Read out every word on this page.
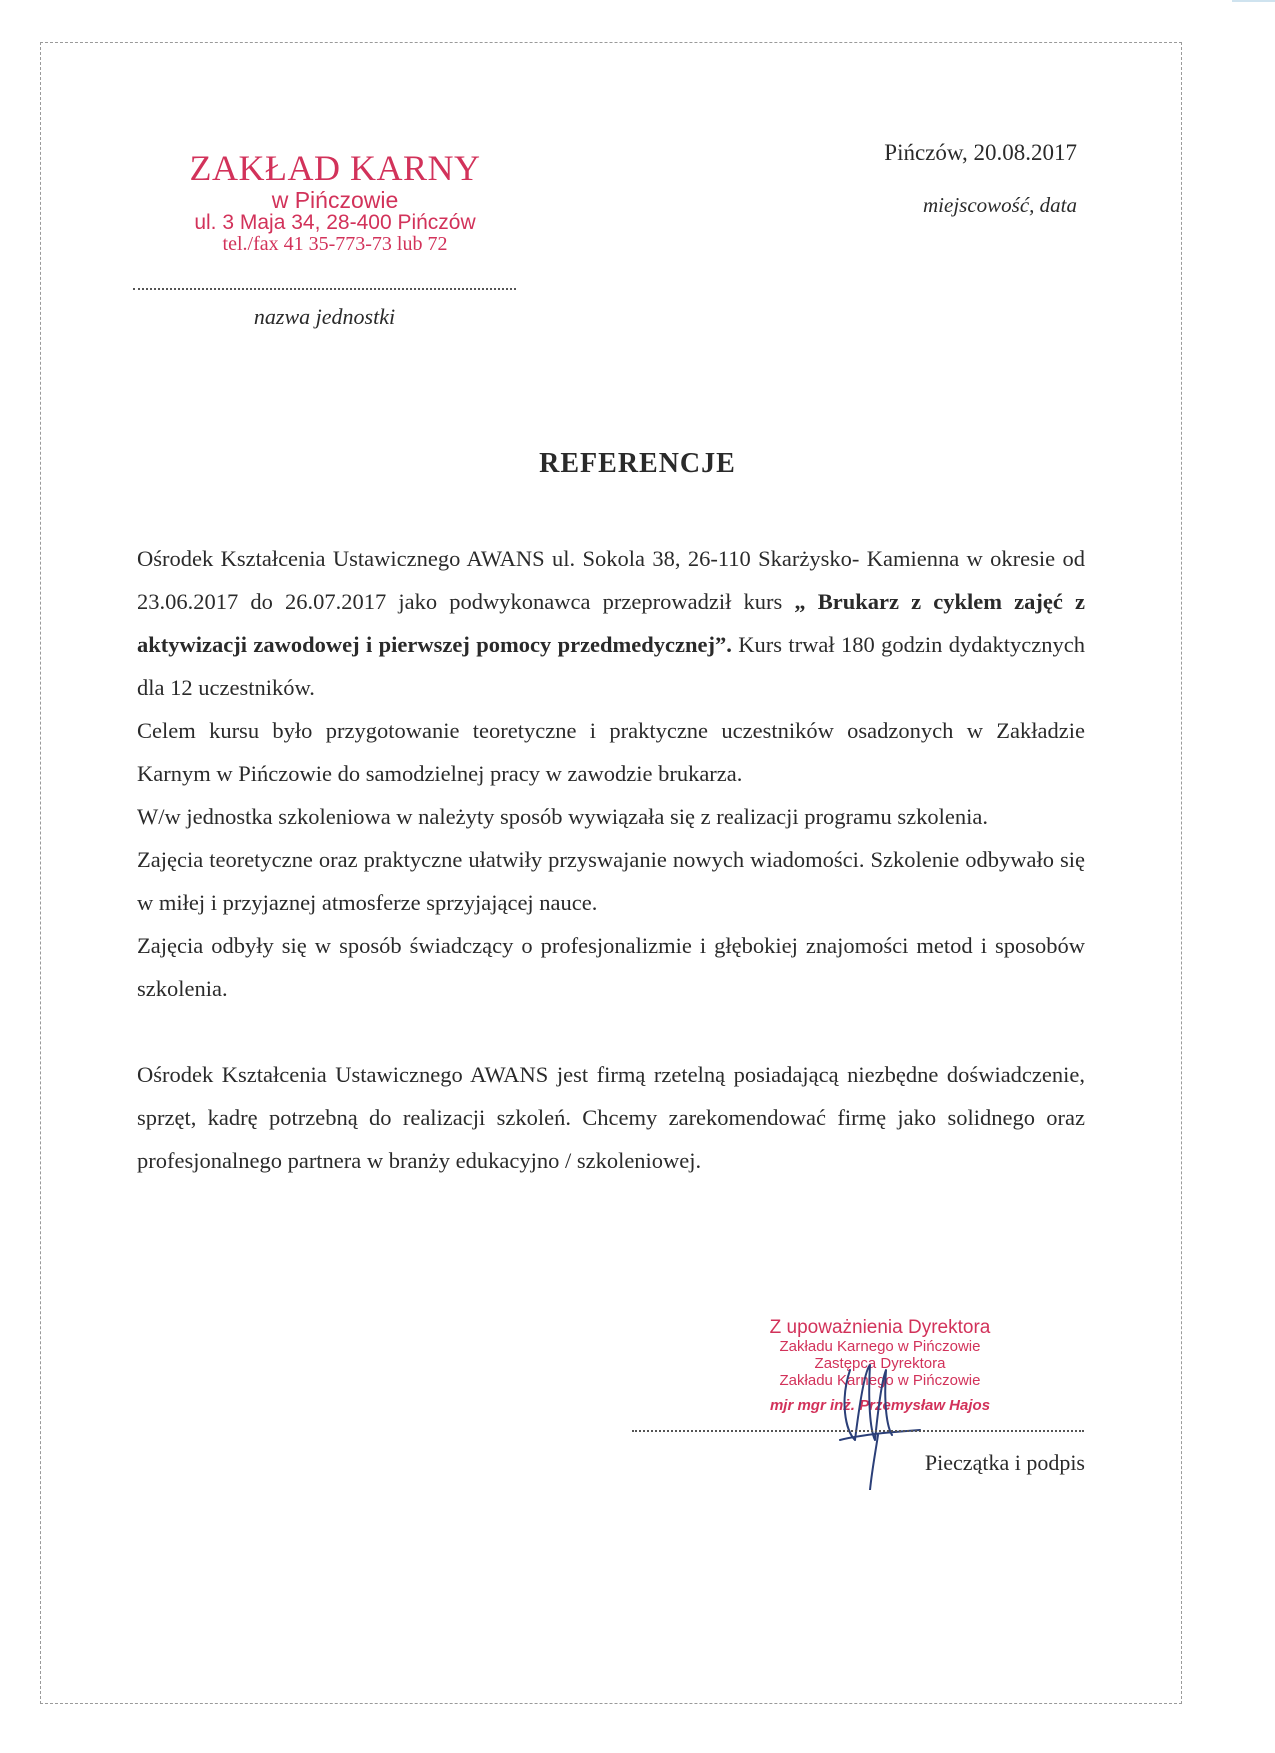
ZAKŁAD KARNY
w Pińczowie
ul. 3 Maja 34, 28-400 Pińczów
tel./fax 41 35-773-73 lub 72
nazwa jednostki
Pińczów, 20.08.2017
miejscowość, data
REFERENCJE

Ośrodek Kształcenia Ustawicznego AWANS ul. Sokola 38, 26-110 Skarżysko- Kamienna w okresie od 23.06.2017 do 26.07.2017 jako podwykonawca przeprowadził kurs „ Brukarz z cyklem zajęć z aktywizacji zawodowej i pierwszej pomocy przedmedycznej”. Kurs trwał 180 godzin dydaktycznych dla 12 uczestników.

Celem kursu było przygotowanie teoretyczne i praktyczne uczestników osadzonych w Zakładzie Karnym w Pińczowie do samodzielnej pracy w zawodzie brukarza.

W/w jednostka szkoleniowa w należyty sposób wywiązała się z realizacji programu szkolenia.

Zajęcia teoretyczne oraz praktyczne ułatwiły przyswajanie nowych wiadomości. Szkolenie odbywało się w miłej i przyjaznej atmosferze sprzyjającej nauce.

Zajęcia odbyły się w sposób świadczący o profesjonalizmie i głębokiej znajomości metod i sposobów szkolenia.

Ośrodek Kształcenia Ustawicznego AWANS jest firmą rzetelną posiadającą niezbędne doświadczenie, sprzęt, kadrę potrzebną do realizacji szkoleń. Chcemy zarekomendować firmę jako solidnego oraz profesjonalnego partnera w branży edukacyjno / szkoleniowej.

Z upoważnienia Dyrektora
Zakładu Karnego w Pińczowie
Zastępca Dyrektora
Zakładu Karnego w Pińczowie
mjr mgr inż. Przemysław Hajos
Pieczątka i podpis
